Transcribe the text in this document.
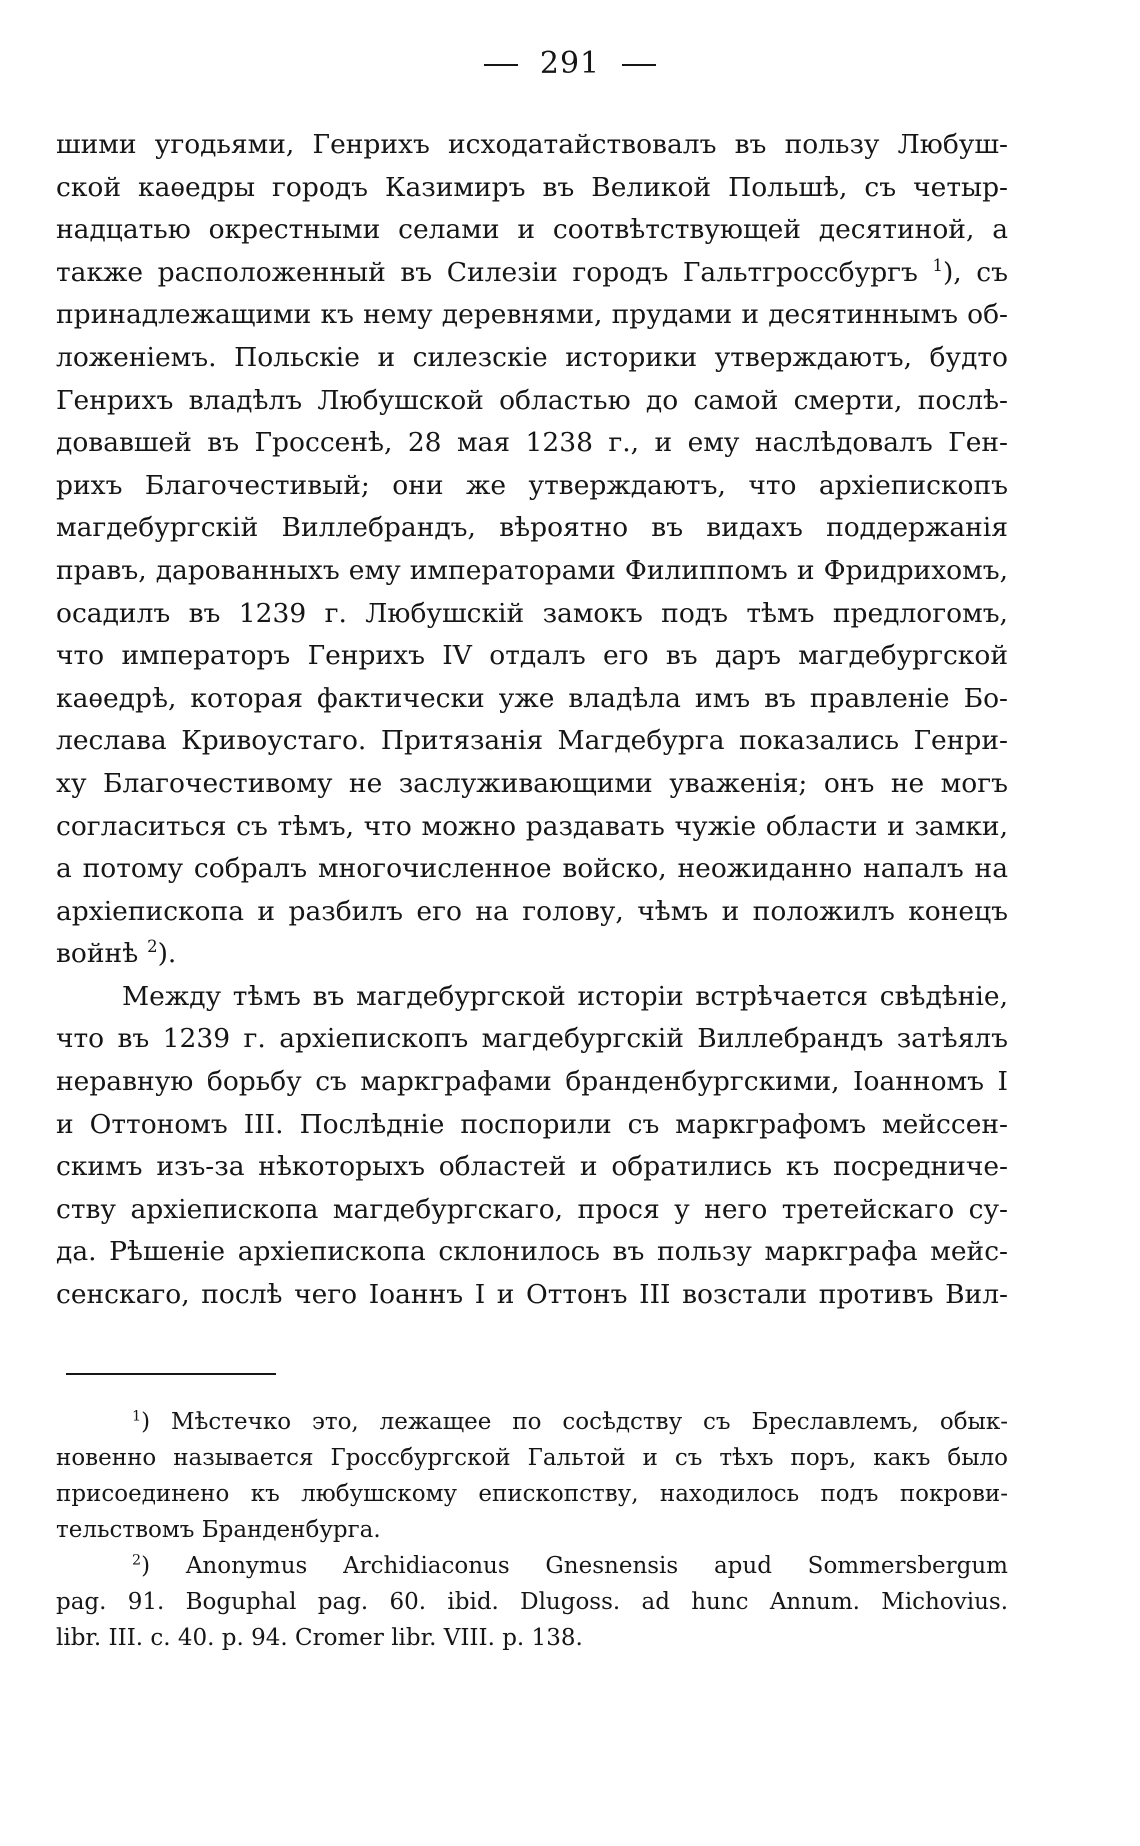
291
шими угодьями, Генрихъ исходатайствовалъ въ пользу Любуш-
ской каѳедры городъ Казимиръ въ Великой Польшѣ, съ четыр-
надцатью окрестными селами и соотвѣтствующей десятиной, а
также расположенный въ Силезіи городъ Гальтгроссбургъ $^1$), съ
принадлежащими къ нему деревнями, прудами и десятиннымъ об-
ложеніемъ. Польскіе и силезскіе историки утверждаютъ, будто
Генрихъ владѣлъ Любушской областью до самой смерти, послѣ-
довавшей въ Гроссенѣ, 28 мая 1238 г., и ему наслѣдовалъ Ген-
рихъ Благочестивый; они же утверждаютъ, что архіепископъ
магдебургскій Виллебрандъ, вѣроятно въ видахъ поддержанія
правъ, дарованныхъ ему императорами Филиппомъ и Фридрихомъ,
осадилъ въ 1239 г. Любушскій замокъ подъ тѣмъ предлогомъ,
что императоръ Генрихъ IV отдалъ его въ даръ магдебургской
каѳедрѣ, которая фактически уже владѣла имъ въ правленіе Бо-
леслава Кривоустаго. Притязанія Магдебурга показались Генри-
ху Благочестивому не заслуживающими уваженія; онъ не могъ
согласиться съ тѣмъ, что можно раздавать чужіе области и замки,
а потому собралъ многочисленное войско, неожиданно напалъ на
архіепископа и разбилъ его на голову, чѣмъ и положилъ конецъ
войнѣ $^2$).
Между тѣмъ въ магдебургской исторіи встрѣчается свѣдѣніе,
что въ 1239 г. архіепископъ магдебургскій Виллебрандъ затѣялъ
неравную борьбу съ маркграфами бранденбургскими, Іоанномъ I
и Оттономъ III. Послѣдніе поспорили съ маркграфомъ мейссен-
скимъ изъ-за нѣкоторыхъ областей и обратились къ посредниче-
ству архіепископа магдебургскаго, прося у него третейскаго су-
да. Рѣшеніе архіепископа склонилось въ пользу маркграфа мейс-
сенскаго, послѣ чего Іоаннъ I и Оттонъ III возстали противъ Вил-
$^1$) Мѣстечко это, лежащее по сосѣдству съ Бреславлемъ, обык-
новенно называется Гроссбургской Гальтой и съ тѣхъ поръ, какъ было
присоединено къ любушскому епископству, находилось подъ покрови-
тельствомъ Бранденбурга.
$^2$) Anonymus Archidiaconus Gnesnensis apud Sommersbergum
pag. 91. Boguphal pag. 60. ibid. Dlugoss. ad hunc Annum. Michovius.
libr. III. c. 40. p. 94. Cromer libr. VIII. p. 138.
